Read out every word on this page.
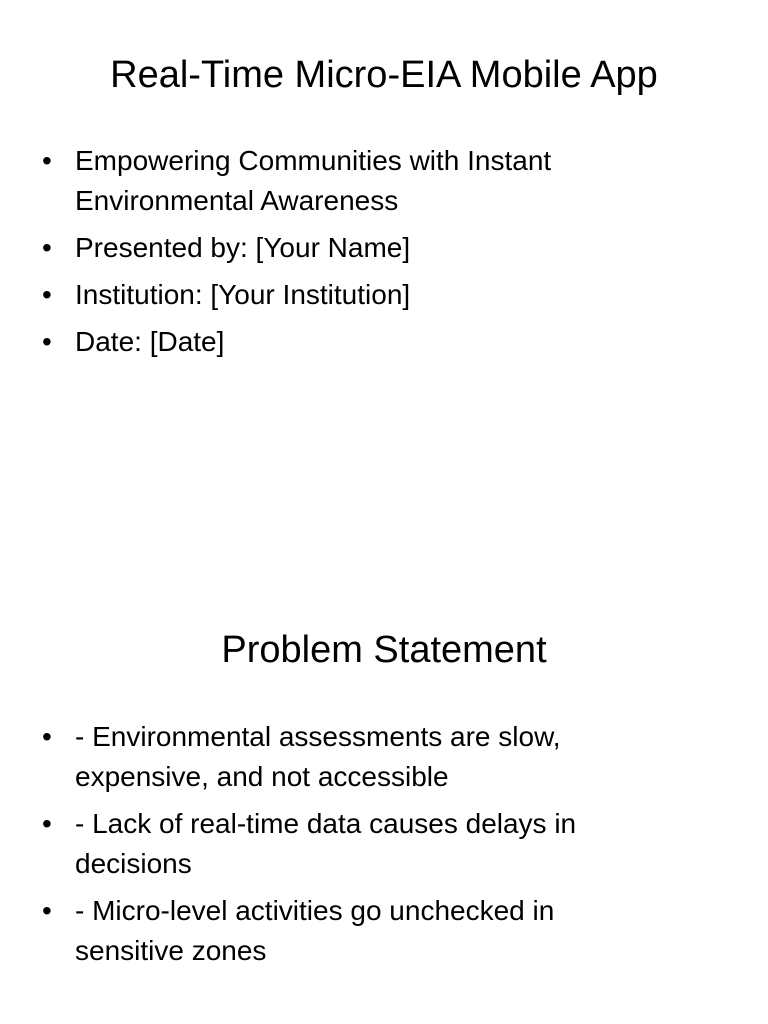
Real-Time Micro-EIA Mobile App
• Empowering Communities with Instant Environmental Awareness
• Presented by: [Your Name]
• Institution: [Your Institution]
• Date: [Date]
Problem Statement
• - Environmental assessments are slow, expensive, and not accessible
• - Lack of real-time data causes delays in decisions
• - Micro-level activities go unchecked in sensitive zones
